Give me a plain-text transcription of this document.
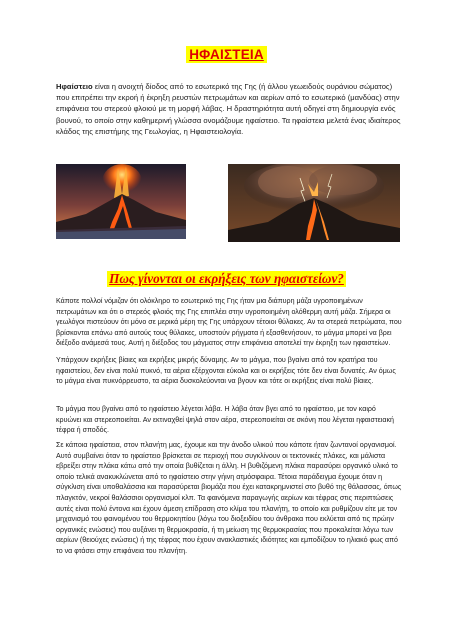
ΗΦΑΙΣΤΕΙΑ

Ηφαίστειο είναι η ανοιχτή δίοδος από το εσωτερικό της Γης (ή άλλου γεωειδούς ουράνιου σώματος) που επιτρέπει την εκροή ή έκρηξη ρευστών πετρωμάτων και αερίων από το εσωτερικό (μανδύας) στην επιφάνεια του στερεού φλοιού με τη μορφή λάβας. Η δραστηριότητα αυτή οδηγεί στη δημιουργία ενός βουνού, το οποίο στην καθημερινή γλώσσα ονομάζουμε ηφαίστειο. Τα ηφαίστεια μελετά ένας ιδιαίτερος κλάδος της επιστήμης της Γεωλογίας, η Ηφαιστειολογία.

Πως γίνονται οι εκρήξεις των ηφαιστείων?

Κάποτε πολλοί νόμιζαν ότι ολόκληρο το εσωτερικό της Γης ήταν μια διάπυρη μάζα υγροποιημένων πετρωμάτων και ότι ο στερεός φλοιός της Γης επιπλέει στην υγροποιημένη ολόθερμη αυτή μάζα. Σήμερα οι γεωλόγοι πιστεύουν ότι μόνο σε μερικά μέρη της Γης υπάρχουν τέτοιοι θύλακες. Αν τα στερεά πετρώματα, που βρίσκονται επάνω από αυτούς τους θύλακες, υποστούν ρήγματα ή εξασθενήσουν, το μάγμα μπορεί να βρει διέξοδο ανάμεσά τους. Αυτή η διέξοδος του μάγματος στην επιφάνεια αποτελεί την έκρηξη των ηφαιστείων.

Υπάρχουν εκρήξεις βίαιες και εκρήξεις μικρής δύναμης. Αν το μάγμα, που βγαίνει από τον κρατήρα του ηφαιστείου, δεν είναι πολύ πυκνό, τα αέρια εξέρχονται εύκολα και οι εκρήξεις τότε δεν είναι δυνατές. Αν όμως το μάγμα είναι πυκνόρρευστο, τα αέρια δυσκολεύονται να βγουν και τότε οι εκρήξεις είναι πολύ βίαιες.

Το μάγμα που βγαίνει από το ηφαίστειο λέγεται λάβα. Η λάβα όταν βγει από το ηφαίστειο, με τον καιρό κρυώνει και στερεοποιείται. Αν εκτιναχθεί ψηλά στον αέρα, στερεοποιείται σε σκόνη που λέγεται ηφαιστειακή τέφρα ή σποδός.

Σε κάποια ηφαίστεια, στον πλανήτη μας, έχουμε και την άνοδο υλικού που κάποτε ήταν ζωντανοί οργανισμοί. Αυτό συμβαίνει όταν το ηφαίστειο βρίσκεται σε περιοχή που συγκλίνουν οι τεκτονικές πλάκες, και μάλιστα εβρείξει στην πλάκα κάτω από την οποία βυθίζεται η άλλη. Η βυθιζόμενη πλάκα παρασύρει οργανικό υλικό το οποίο τελικά ανακυκλώνεται από το ηφαίστειο στην γήινη ατμόσφαιρα. Τέτοια παράδειγμα έχουμε όταν η σύγκλιση είναι υποθαλάσσια και παρασύρεται βιομάζα που έχει κατακρημνιστεί στο βυθό της θάλασσας, όπως πλαγκτόν, νεκροί θαλάσσιοι οργανισμοί κλπ. Τα φαινόμενα παραγωγής αερίων και τέφρας στις περιπτώσεις αυτές είναι πολύ έντονα και έχουν άμεση επίδραση στο κλίμα του πλανήτη, το οποίο και ρυθμίζουν είτε με τον μηχανισμό του φαινομένου του θερμοκηπίου (λόγω του διοξειδίου του άνθρακα που εκλύεται από τις πρώην οργανικές ενώσεις) που αυξάνει τη θερμοκρασία, ή τη μείωση της θερμοκρασίας που προκαλείται λόγω των αερίων (θειούχες ενώσεις) ή της τέφρας που έχουν ανακλαστικές ιδιότητες και εμποδίζουν το ηλιακό φως από το να φτάσει στην επιφάνεια του πλανήτη.
